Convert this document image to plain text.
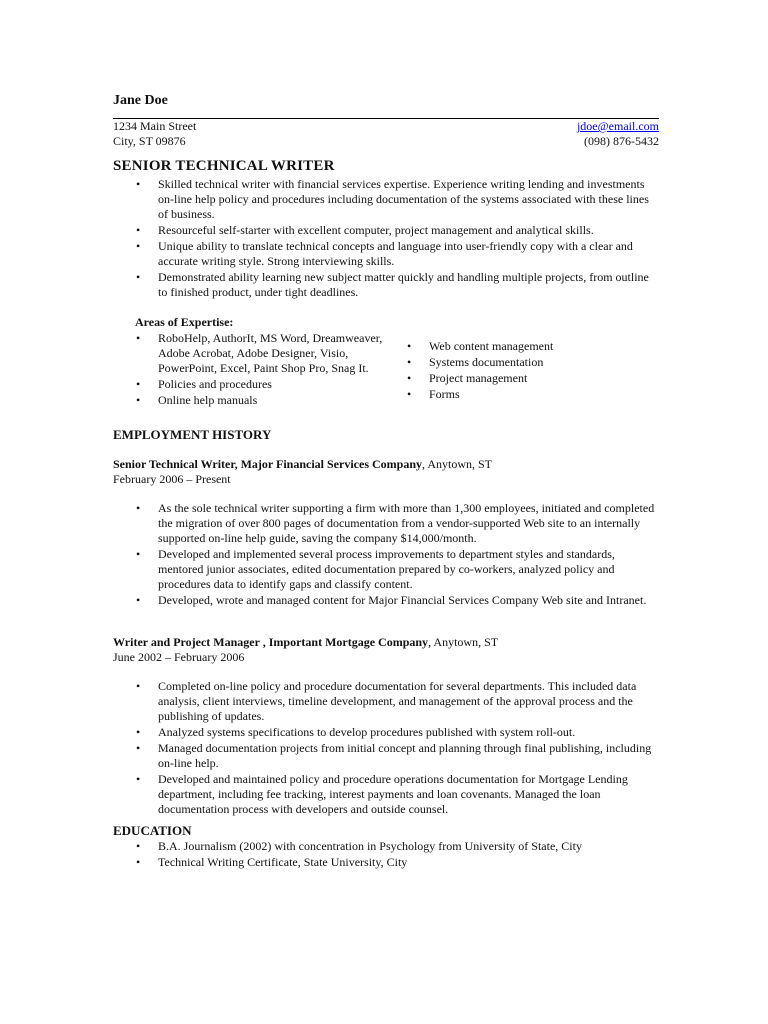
Jane Doe
1234 Main Street
City, ST 09876
jdoe@email.com
(098) 876-5432
SENIOR TECHNICAL WRITER
• Skilled technical writer with financial services expertise. Experience writing lending and investments on-line help policy and procedures including documentation of the systems associated with these lines of business.
• Resourceful self-starter with excellent computer, project management and analytical skills.
• Unique ability to translate technical concepts and language into user-friendly copy with a clear and accurate writing style. Strong interviewing skills.
• Demonstrated ability learning new subject matter quickly and handling multiple projects, from outline to finished product, under tight deadlines.
Areas of Expertise:
• RoboHelp, AuthorIt, MS Word, Dreamweaver, Adobe Acrobat, Adobe Designer, Visio, PowerPoint, Excel, Paint Shop Pro, Snag It.
• Policies and procedures
• Online help manuals
• Web content management
• Systems documentation
• Project management
• Forms
EMPLOYMENT HISTORY
Senior Technical Writer, Major Financial Services Company, Anytown, ST
February 2006 – Present
• As the sole technical writer supporting a firm with more than 1,300 employees, initiated and completed the migration of over 800 pages of documentation from a vendor-supported Web site to an internally supported on-line help guide, saving the company $14,000/month.
• Developed and implemented several process improvements to department styles and standards, mentored junior associates, edited documentation prepared by co-workers, analyzed policy and procedures data to identify gaps and classify content.
• Developed, wrote and managed content for Major Financial Services Company Web site and Intranet.
Writer and Project Manager , Important Mortgage Company, Anytown, ST
June 2002 – February 2006
• Completed on-line policy and procedure documentation for several departments. This included data analysis, client interviews, timeline development, and management of the approval process and the publishing of updates.
• Analyzed systems specifications to develop procedures published with system roll-out.
• Managed documentation projects from initial concept and planning through final publishing, including on-line help.
• Developed and maintained policy and procedure operations documentation for Mortgage Lending department, including fee tracking, interest payments and loan covenants. Managed the loan documentation process with developers and outside counsel.
EDUCATION
• B.A. Journalism (2002) with concentration in Psychology from University of State, City
• Technical Writing Certificate, State University, City
